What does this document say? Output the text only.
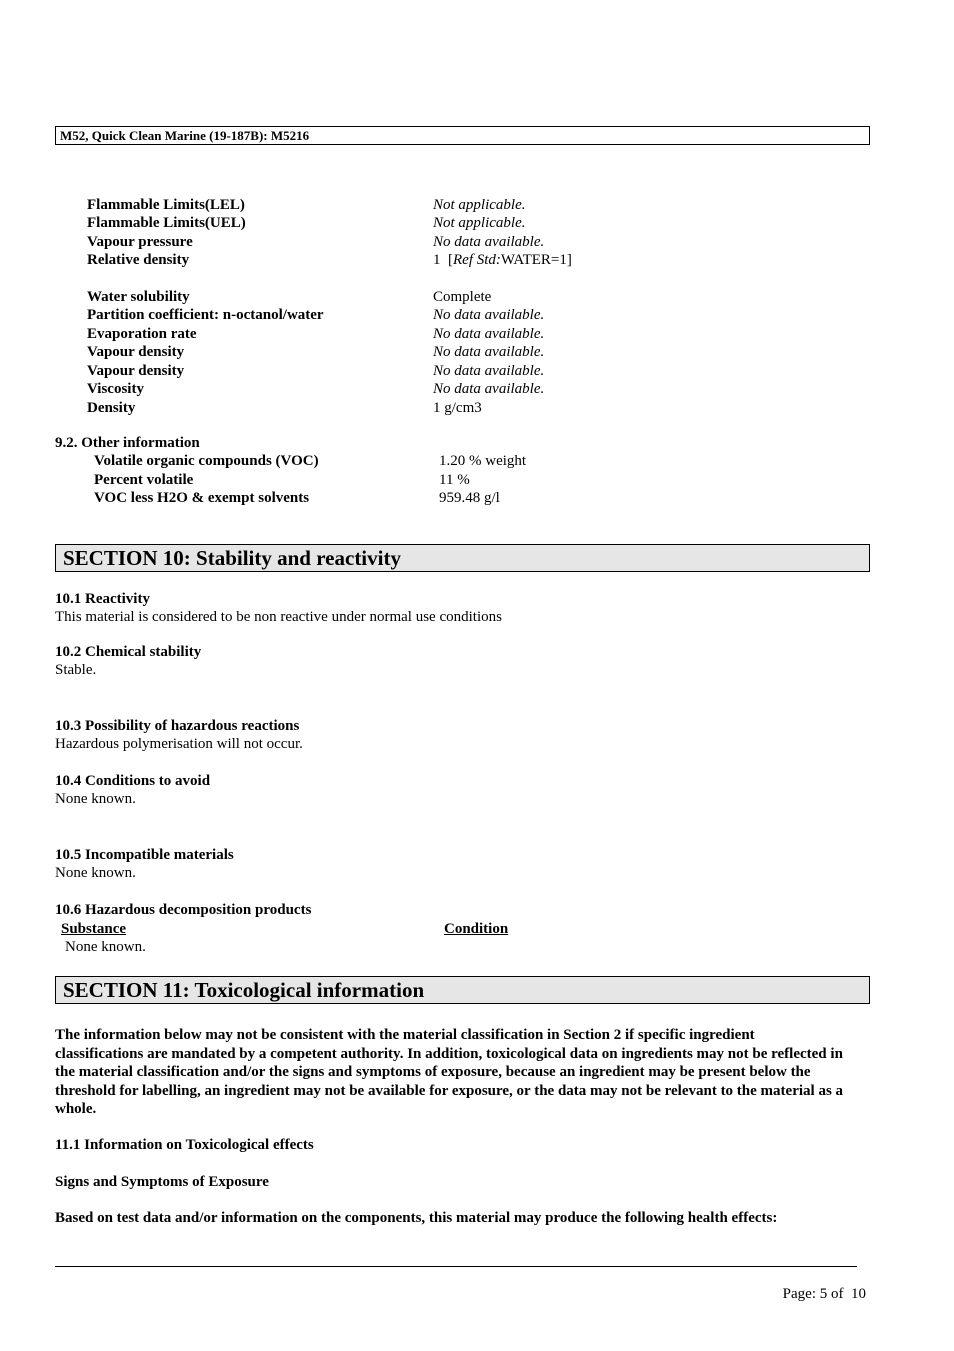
M52, Quick Clean Marine (19-187B): M5216
Flammable Limits(LEL)	Not applicable.
Flammable Limits(UEL)	Not applicable.
Vapour pressure	No data available.
Relative density	1  [Ref Std:WATER=1]
Water solubility	Complete
Partition coefficient: n-octanol/water	No data available.
Evaporation rate	No data available.
Vapour density	No data available.
Vapour density	No data available.
Viscosity	No data available.
Density	1 g/cm3
9.2. Other information
Volatile organic compounds (VOC)	1.20 % weight
Percent volatile	11 %
VOC less H2O & exempt solvents	959.48 g/l
SECTION 10: Stability and reactivity
10.1 Reactivity
This material is considered to be non reactive under normal use conditions
10.2 Chemical stability
Stable.
10.3 Possibility of hazardous reactions
Hazardous polymerisation will not occur.
10.4 Conditions to avoid
None known.
10.5 Incompatible materials
None known.
10.6 Hazardous decomposition products
Substance	Condition
None known.
SECTION 11: Toxicological information
The information below may not be consistent with the material classification in Section 2 if specific ingredient classifications are mandated by a competent authority. In addition, toxicological data on ingredients may not be reflected in the material classification and/or the signs and symptoms of exposure, because an ingredient may be present below the threshold for labelling, an ingredient may not be available for exposure, or the data may not be relevant to the material as a whole.
11.1 Information on Toxicological effects
Signs and Symptoms of Exposure
Based on test data and/or information on the components, this material may produce the following health effects:
Page: 5 of  10
